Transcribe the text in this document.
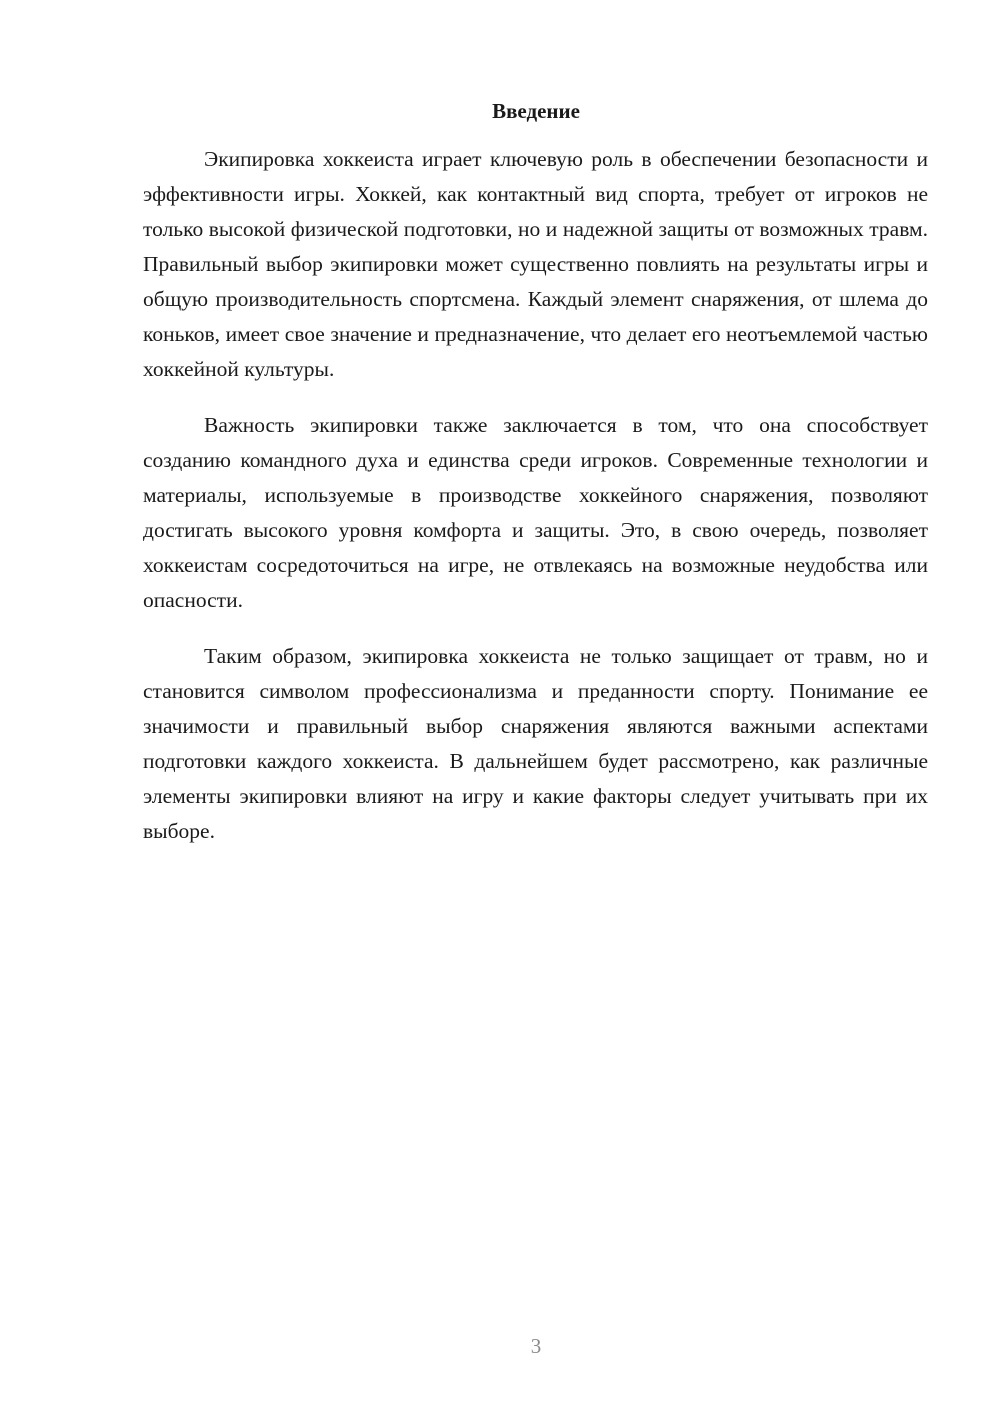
Введение

Экипировка хоккеиста играет ключевую роль в обеспечении безопасности и эффективности игры. Хоккей, как контактный вид спорта, требует от игроков не только высокой физической подготовки, но и надежной защиты от возможных травм. Правильный выбор экипировки может существенно повлиять на результаты игры и общую производительность спортсмена. Каждый элемент снаряжения, от шлема до коньков, имеет свое значение и предназначение, что делает его неотъемлемой частью хоккейной культуры.

Важность экипировки также заключается в том, что она способствует созданию командного духа и единства среди игроков. Современные технологии и материалы, используемые в производстве хоккейного снаряжения, позволяют достигать высокого уровня комфорта и защиты. Это, в свою очередь, позволяет хоккеистам сосредоточиться на игре, не отвлекаясь на возможные неудобства или опасности.

Таким образом, экипировка хоккеиста не только защищает от травм, но и становится символом профессионализма и преданности спорту. Понимание ее значимости и правильный выбор снаряжения являются важными аспектами подготовки каждого хоккеиста. В дальнейшем будет рассмотрено, как различные элементы экипировки влияют на игру и какие факторы следует учитывать при их выборе.

3
